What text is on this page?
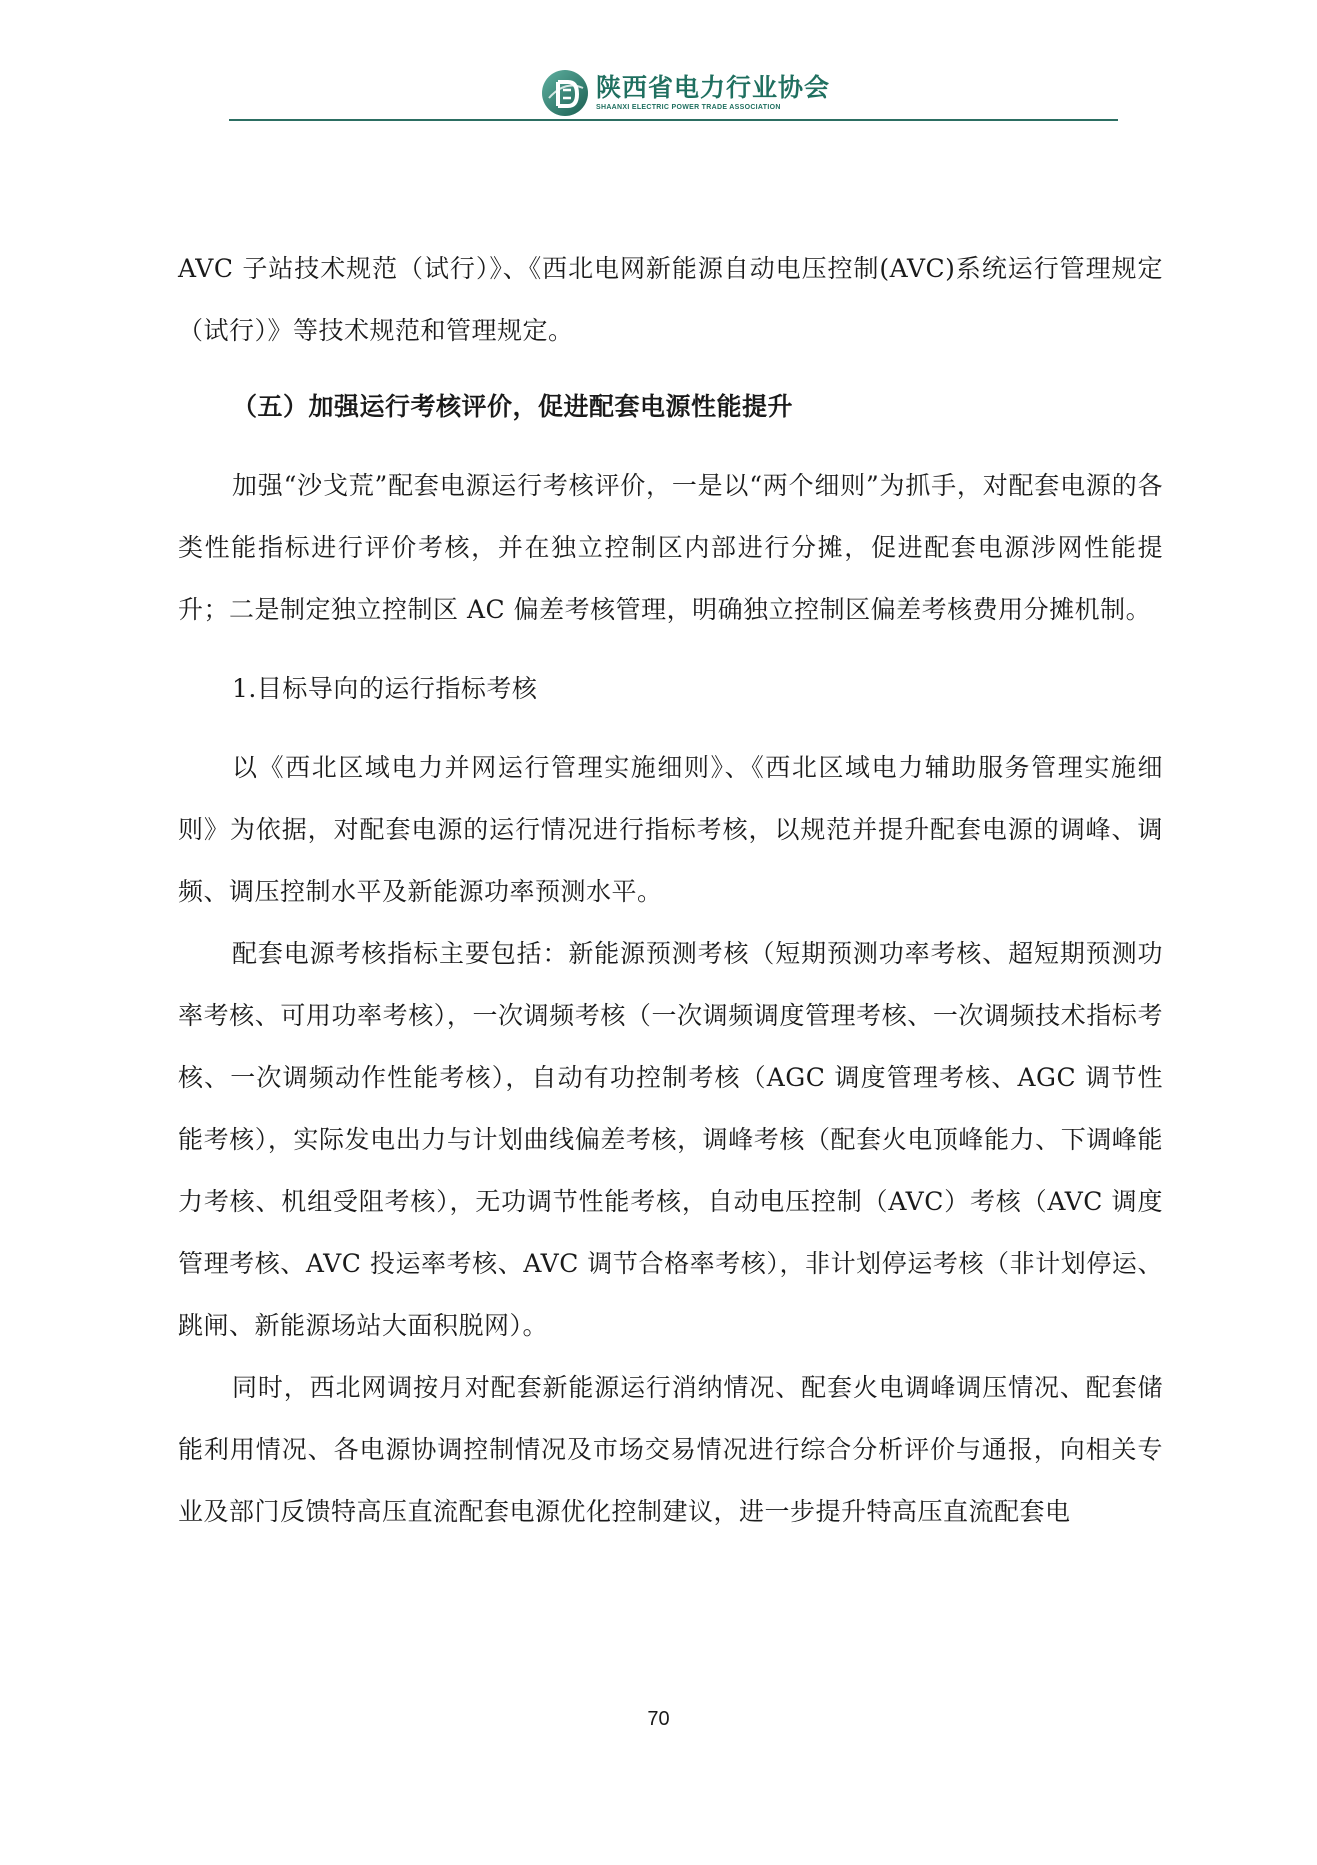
陕西省电力行业协会
SHAANXI ELECTRIC POWER TRADE ASSOCIATION

AVC 子站技术规范（试行）》、《西北电网新能源自动电压控制(AVC)系统运行管理规定（试行）》等技术规范和管理规定。

（五）加强运行考核评价，促进配套电源性能提升

加强“沙戈荒”配套电源运行考核评价，一是以“两个细则”为抓手，对配套电源的各类性能指标进行评价考核，并在独立控制区内部进行分摊，促进配套电源涉网性能提升；二是制定独立控制区 AC 偏差考核管理，明确独立控制区偏差考核费用分摊机制。

1.目标导向的运行指标考核

以《西北区域电力并网运行管理实施细则》、《西北区域电力辅助服务管理实施细则》为依据，对配套电源的运行情况进行指标考核，以规范并提升配套电源的调峰、调频、调压控制水平及新能源功率预测水平。

配套电源考核指标主要包括：新能源预测考核（短期预测功率考核、超短期预测功率考核、可用功率考核），一次调频考核（一次调频调度管理考核、一次调频技术指标考核、一次调频动作性能考核），自动有功控制考核（AGC 调度管理考核、AGC 调节性能考核），实际发电出力与计划曲线偏差考核，调峰考核（配套火电顶峰能力、下调峰能力考核、机组受阻考核），无功调节性能考核，自动电压控制（AVC）考核（AVC 调度管理考核、AVC 投运率考核、AVC 调节合格率考核），非计划停运考核（非计划停运、跳闸、新能源场站大面积脱网）。

同时，西北网调按月对配套新能源运行消纳情况、配套火电调峰调压情况、配套储能利用情况、各电源协调控制情况及市场交易情况进行综合分析评价与通报，向相关专业及部门反馈特高压直流配套电源优化控制建议，进一步提升特高压直流配套电

70
